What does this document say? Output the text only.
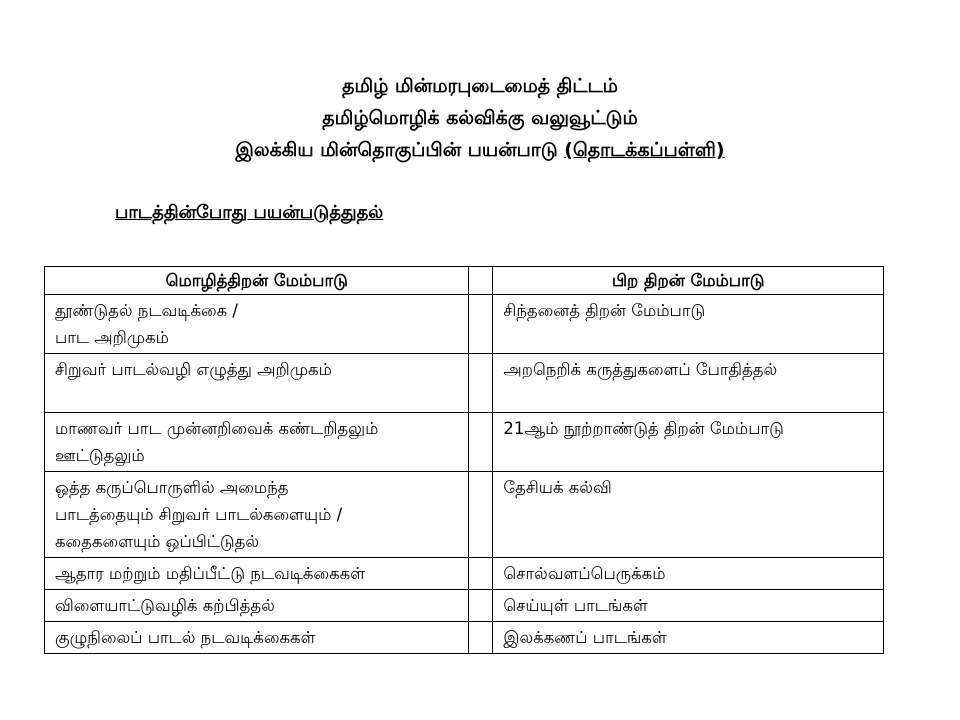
தமிழ் மின்மரபுடைமைத் திட்டம்
தமிழ்மொழிக் கல்விக்கு வலுவூட்டும்
இலக்கிய மின்தொகுப்பின் பயன்பாடு (தொடக்கப்பள்ளி)
பாடத்தின்போது பயன்படுத்துதல்
மொழித்திறன் மேம்பாடு		பிற திறன் மேம்பாடு
தூண்டுதல் நடவடிக்கை /
பாட அறிமுகம்		சிந்தனைத் திறன் மேம்பாடு
சிறுவர் பாடல்வழி எழுத்து அறிமுகம்		அறநெறிக் கருத்துகளைப் போதித்தல்
மாணவர் பாட முன்னறிவைக் கண்டறிதலும்
ஊட்டுதலும்		21ஆம் நூற்றாண்டுத் திறன் மேம்பாடு
ஒத்த கருப்பொருளில் அமைந்த
பாடத்தையும் சிறுவர் பாடல்களையும் /
கதைகளையும் ஒப்பிட்டுதல்		தேசியக் கல்வி
ஆதார மற்றும் மதிப்பீட்டு நடவடிக்கைகள்		சொல்வளப்பெருக்கம்
விளையாட்டுவழிக் கற்பித்தல்		செய்யுள் பாடங்கள்
குழுநிலைப் பாடல் நடவடிக்கைகள்		இலக்கணப் பாடங்கள்
